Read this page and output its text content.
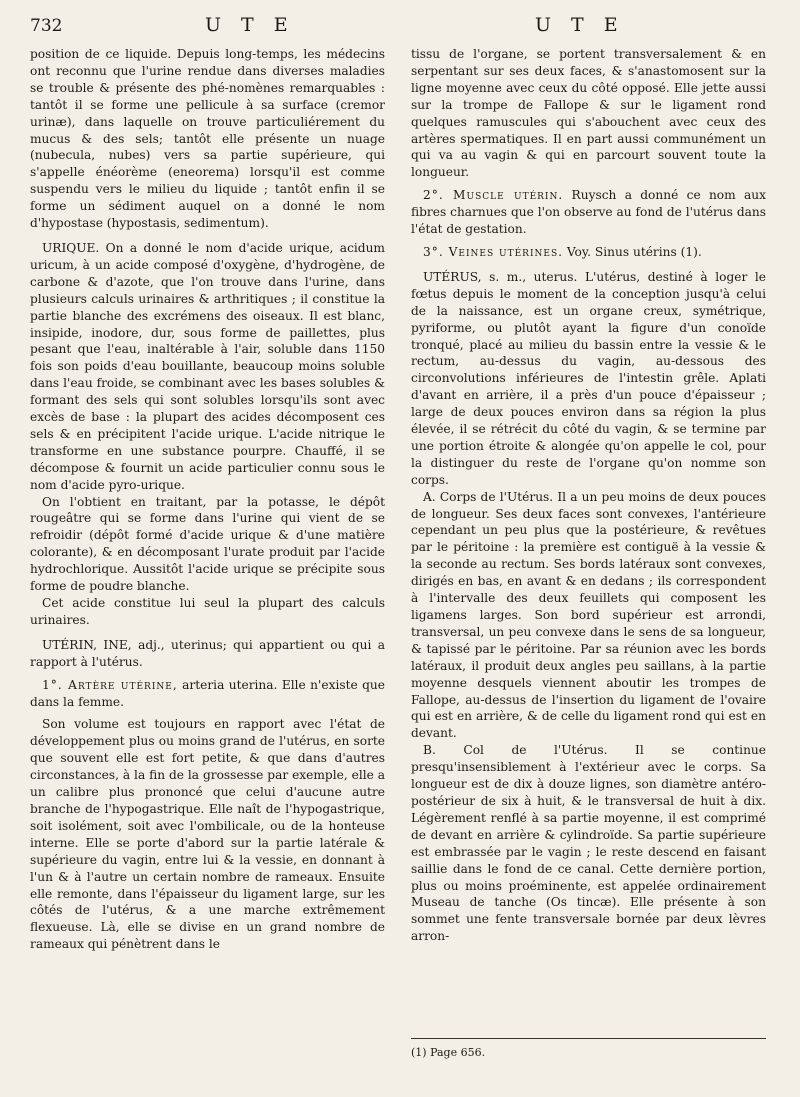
732	U T E	U T E

position de ce liquide. Depuis long-temps, les médecins ont reconnu que l'urine rendue dans diverses maladies se trouble & présente des phé-nomènes remarquables : tantôt il se forme une pellicule à sa surface (cremor urinæ), dans laquelle on trouve particuliérement du mucus & des sels; tantôt elle présente un nuage (nubecula, nubes) vers sa partie supérieure, qui s'appelle énéorème (eneorema) lorsqu'il est comme suspendu vers le milieu du liquide ; tantôt enfin il se forme un sédiment auquel on a donné le nom d'hypostase (hypostasis, sedimentum).

URIQUE. On a donné le nom d'acide urique, acidum uricum, à un acide composé d'oxygène, d'hydrogène, de carbone & d'azote, que l'on trouve dans l'urine, dans plusieurs calculs urinaires & arthritiques ; il constitue la partie blanche des excrémens des oiseaux. Il est blanc, insipide, inodore, dur, sous forme de paillettes, plus pesant que l'eau, inaltérable à l'air, soluble dans 1150 fois son poids d'eau bouillante, beaucoup moins soluble dans l'eau froide, se combinant avec les bases solubles & formant des sels qui sont solubles lorsqu'ils sont avec excès de base : la plupart des acides décomposent ces sels & en précipitent l'acide urique. L'acide nitrique le transforme en une substance pourpre. Chauffé, il se décompose & fournit un acide particulier connu sous le nom d'acide pyro-urique.

On l'obtient en traitant, par la potasse, le dépôt rougeâtre qui se forme dans l'urine qui vient de se refroidir (dépôt formé d'acide urique & d'une matière colorante), & en décomposant l'urate produit par l'acide hydrochlorique. Aussitôt l'acide urique se précipite sous forme de poudre blanche.

Cet acide constitue lui seul la plupart des calculs urinaires.

UTÉRIN, INE, adj., uterinus; qui appartient ou qui a rapport à l'utérus.

1°. Artère utérine, arteria uterina. Elle n'existe que dans la femme.

Son volume est toujours en rapport avec l'état de développement plus ou moins grand de l'utérus, en sorte que souvent elle est fort petite, & que dans d'autres circonstances, à la fin de la grossesse par exemple, elle a un calibre plus prononcé que celui d'aucune autre branche de l'hypogastrique. Elle naît de l'hypogastrique, soit isolément, soit avec l'ombilicale, ou de la honteuse interne. Elle se porte d'abord sur la partie latérale & supérieure du vagin, entre lui & la vessie, en donnant à l'un & à l'autre un certain nombre de rameaux. Ensuite elle remonte, dans l'épaisseur du ligament large, sur les côtés de l'utérus, & a une marche extrêmement flexueuse. Là, elle se divise en un grand nombre de rameaux qui pénètrent dans le

tissu de l'organe, se portent transversalement & en serpentant sur ses deux faces, & s'anastomosent sur la ligne moyenne avec ceux du côté opposé. Elle jette aussi sur la trompe de Fallope & sur le ligament rond quelques ramuscules qui s'abouchent avec ceux des artères spermatiques. Il en part aussi communément un qui va au vagin & qui en parcourt souvent toute la longueur.

2°. Muscle utérin. Ruysch a donné ce nom aux fibres charnues que l'on observe au fond de l'utérus dans l'état de gestation.

3°. Veines utérines. Voy. Sinus utérins (1).

UTÉRUS, s. m., uterus. L'utérus, destiné à loger le fœtus depuis le moment de la conception jusqu'à celui de la naissance, est un organe creux, symétrique, pyriforme, ou plutôt ayant la figure d'un conoïde tronqué, placé au milieu du bassin entre la vessie & le rectum, au-dessus du vagin, au-dessous des circonvolutions inférieures de l'intestin grêle. Aplati d'avant en arrière, il a près d'un pouce d'épaisseur ; large de deux pouces environ dans sa région la plus élevée, il se rétrécit du côté du vagin, & se termine par une portion étroite & alongée qu'on appelle le col, pour la distinguer du reste de l'organe qu'on nomme son corps.

A. Corps de l'Utérus. Il a un peu moins de deux pouces de longueur. Ses deux faces sont convexes, l'antérieure cependant un peu plus que la postérieure, & revêtues par le péritoine : la première est contiguë à la vessie & la seconde au rectum. Ses bords latéraux sont convexes, dirigés en bas, en avant & en dedans ; ils correspondent à l'intervalle des deux feuillets qui composent les ligamens larges. Son bord supérieur est arrondi, transversal, un peu convexe dans le sens de sa longueur, & tapissé par le péritoine. Par sa réunion avec les bords latéraux, il produit deux angles peu saillans, à la partie moyenne desquels viennent aboutir les trompes de Fallope, au-dessus de l'insertion du ligament de l'ovaire qui est en arrière, & de celle du ligament rond qui est en devant.

B. Col de l'Utérus. Il se continue presqu'insensiblement à l'extérieur avec le corps. Sa longueur est de dix à douze lignes, son diamètre antéro-postérieur de six à huit, & le transversal de huit à dix. Légèrement renflé à sa partie moyenne, il est comprimé de devant en arrière & cylindroïde. Sa partie supérieure est embrassée par le vagin ; le reste descend en faisant saillie dans le fond de ce canal. Cette dernière portion, plus ou moins proéminente, est appelée ordinairement Museau de tanche (Os tincæ). Elle présente à son sommet une fente transversale bornée par deux lèvres arron-

(1) Page 656.
